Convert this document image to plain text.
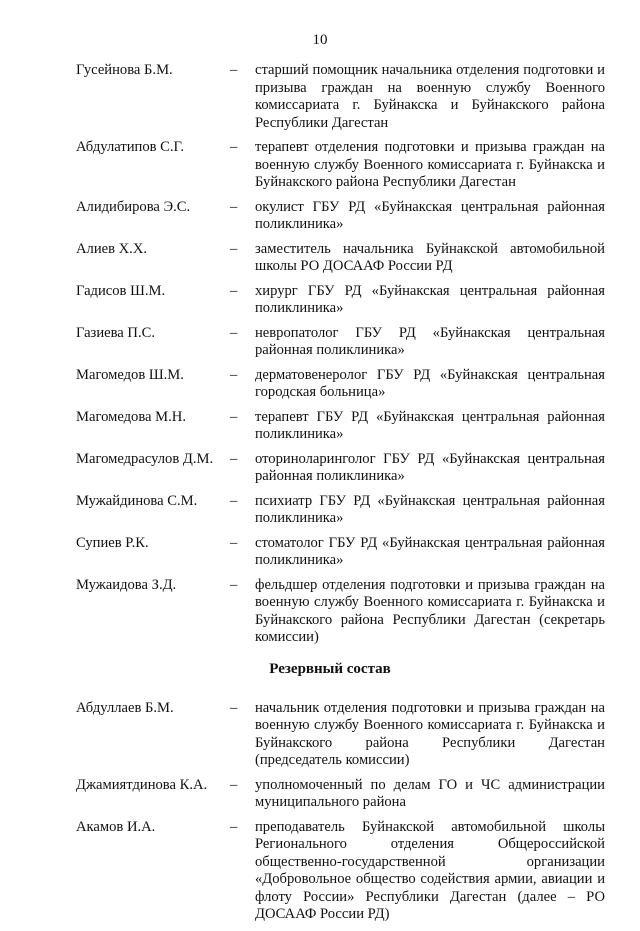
10
Гусейнова Б.М.	– старший помощник начальника отделения подготовки и призыва граждан на военную службу Военного комиссариата г. Буйнакска и Буйнакского района Республики Дагестан
Абдулатипов С.Г.	– терапевт отделения подготовки и призыва граждан на военную службу Военного комиссариата г. Буйнакска и Буйнакского района Республики Дагестан
Алидибирова Э.С.	– окулист ГБУ РД «Буйнакская центральная районная поликлиника»
Алиев Х.Х.	– заместитель начальника Буйнакской автомобильной школы РО ДОСААФ России РД
Гадисов Ш.М.	– хирург ГБУ РД «Буйнакская центральная районная поликлиника»
Газиева П.С.	– невропатолог ГБУ РД «Буйнакская центральная районная поликлиника»
Магомедов Ш.М.	– дерматовенеролог ГБУ РД «Буйнакская центральная городская больница»
Магомедова М.Н.	– терапевт ГБУ РД «Буйнакская центральная районная поликлиника»
Магомедрасулов Д.М. – оториноларинголог ГБУ РД «Буйнакская центральная районная поликлиника»
Мужайдинова С.М. – психиатр ГБУ РД «Буйнакская центральная районная поликлиника»
Супиев Р.К.	– стоматолог ГБУ РД «Буйнакская центральная районная поликлиника»
Мужаидова З.Д.	– фельдшер отделения подготовки и призыва граждан на военную службу Военного комиссариата г. Буйнакска и Буйнакского района Республики Дагестан (секретарь комиссии)
Резервный состав
Абдуллаев Б.М.	– начальник отделения подготовки и призыва граждан на военную службу Военного комиссариата г. Буйнакска и Буйнакского района Республики Дагестан (председатель комиссии)
Джамиятдинова К.А. – уполномоченный по делам ГО и ЧС администрации муниципального района
Акамов И.А.	– преподаватель Буйнакской автомобильной школы Регионального отделения Общероссийской общественно-государственной организации «Добровольное общество содействия армии, авиации и флоту России» Республики Дагестан (далее – РО ДОСААФ России РД)
